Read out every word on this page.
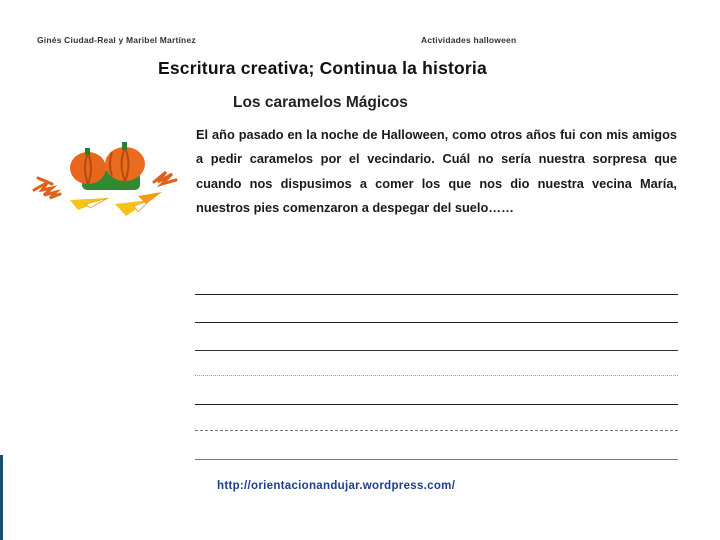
Ginés Ciudad-Real y Maribel Martínez	Actividades halloween
Escritura creativa; Continua la historia
Los caramelos Mágicos
El año pasado en la noche de Halloween, como otros años fui con mis amigos a pedir caramelos por el vecindario. Cuál no sería nuestra sorpresa que cuando nos dispusimos a comer los que nos dio nuestra vecina María, nuestros pies comenzaron a despegar del suelo……
http://orientacionandujar.wordpress.com/
